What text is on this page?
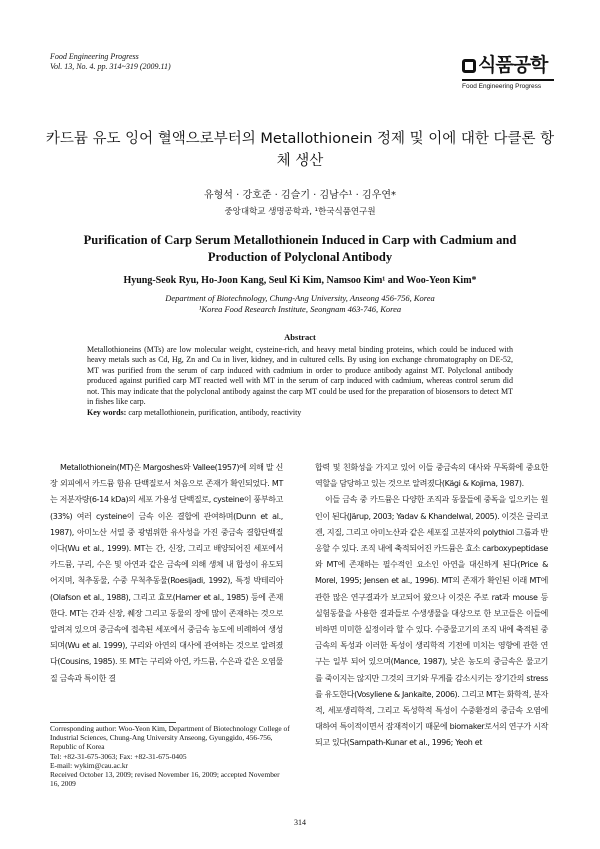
Food Engineering Progress
Vol. 13, No. 4. pp. 314~319 (2009.11)	식품공학
Food Engineering Progress
카드뮴 유도 잉어 혈액으로부터의 Metallothionein 정제 및 이에 대한 다클론 항체 생산
유형석 · 강호준 · 김슬기 · 김남수¹ · 김우연*
중앙대학교 생명공학과, ¹한국식품연구원
Purification of Carp Serum Metallothionein Induced in Carp with Cadmium and Production of Polyclonal Antibody
Hyung-Seok Ryu, Ho-Joon Kang, Seul Ki Kim, Namsoo Kim¹ and Woo-Yeon Kim*
Department of Biotechnology, Chung-Ang University, Anseong 456-756, Korea
¹Korea Food Research Institute, Seongnam 463-746, Korea
Abstract
Metallothioneins (MTs) are low molecular weight, cysteine-rich, and heavy metal binding proteins, which could be induced with heavy metals such as Cd, Hg, Zn and Cu in liver, kidney, and in cultured cells. By using ion exchange chromatography on DE-52, MT was purified from the serum of carp induced with cadmium in order to produce antibody against MT. Polyclonal antibody produced against purified carp MT reacted well with MT in the serum of carp induced with cadmium, whereas control serum did not. This may indicate that the polyclonal antibody against the carp MT could be used for the preparation of biosensors to detect MT in fishes like carp.
Key words: carp metallothionein, purification, antibody, reactivity

Metallothionein(MT)은 Margoshes와 Vallee(1957)에 의해 말 신장 외피에서 카드뮴 함유 단백질로서 처음으로 존재가 확인되었다. MT는 저분자량(6-14 kDa)의 세포 가용성 단백질로, cysteine이 풍부하고(33%) 여러 cysteine이 금속 이온 결합에 관여하며(Dunn et al., 1987), 아미노산 서열 중 광범위한 유사성을 가진 중금속 결합단백질이다(Wu et al., 1999). MT는 간, 신장, 그리고 배양되어진 세포에서 카드뮴, 구리, 수은 및 아연과 같은 금속에 의해 생체 내 합성이 유도되어지며, 척추동물, 수중 무척추동물(Roesijadi, 1992), 특정 박테리아(Olafson et al., 1988), 그리고 효모(Hamer et al., 1985) 등에 존재한다. MT는 간과 신장, 췌장 그리고 동물의 장에 많이 존재하는 것으로 알려져 있으며 중금속에 접촉된 세포에서 중금속 농도에 비례하여 생성되며(Wu et al. 1999), 구리와 아연의 대사에 관여하는 것으로 알려졌다(Cousins, 1985). 또 MT는 구리와 아연, 카드뮴, 수은과 같은 오염물질 금속과 특이한 결

합력 및 친화성을 가지고 있어 이들 중금속의 대사와 무독화에 중요한 역할을 담당하고 있는 것으로 알려졌다(Kägi & Kojima, 1987).

이들 금속 중 카드뮴은 다양한 조직과 동물들에 중독을 일으키는 원인이 된다(Järup, 2003; Yadav & Khandelwal, 2005). 이것은 글리코겐, 지질, 그리고 아미노산과 같은 세포질 고분자의 polythiol 그룹과 반응할 수 있다. 조직 내에 축적되어진 카드뮴은 효소 carboxypeptidase와 MT에 존재하는 필수적인 요소인 아연을 대신하게 된다(Price & Morel, 1995; Jensen et al., 1996). MT의 존재가 확인된 이래 MT에 관한 많은 연구결과가 보고되어 왔으나 이것은 주로 rat과 mouse 등 실험동물을 사용한 결과들로 수생생물을 대상으로 한 보고들은 이들에 비하면 미미한 실정이라 할 수 있다. 수중물고기의 조직 내에 축적된 중금속의 독성과 이러한 독성이 생리학적 기전에 미치는 영향에 관한 연구는 일부 되어 있으며(Mance, 1987), 낮은 농도의 중금속은 물고기를 죽이지는 않지만 그것의 크기와 무게를 감소시키는 장기간의 stress를 유도한다(Vosyliene & Jankaite, 2006). 그리고 MT는 화학적, 분자적, 세포생리학적, 그리고 독성학적 특성이 수중환경의 중금속 오염에 대하여 특이적이면서 잠재적이기 때문에 biomaker로서의 연구가 시작되고 있다(Sampath-Kunar et al., 1996; Yeoh et

Corresponding author: Woo-Yeon Kim, Department of Biotechnology College of Industrial Sciences, Chung-Ang University Anseong, Gyunggido, 456-756, Republic of Korea
Tel: +82-31-675-3063; Fax: +82-31-675-0405
E-mail: wykim@cau.ac.kr
Received October 13, 2009; revised November 16, 2009; accepted November 16, 2009
314
